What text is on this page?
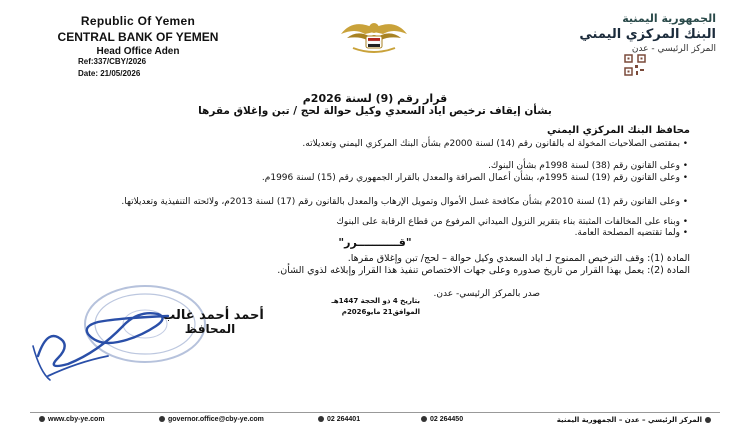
Republic Of Yemen
CENTRAL BANK OF YEMEN
Head Office Aden
Ref:337/CBY/2026
Date: 21/05/2026
الجمهورية اليمنية
البنك المركزي اليمني
المركز الرئيسي - عدن
قرار رقم (9) لسنة 2026م
بشأن إيقاف ترخيص اياد السعدي وكيل حوالة لحج / تبن وإغلاق مقرها
محافظ البنك المركزي اليمني
•بمقتضى الصلاحيات المخولة له بالقانون رقم (14) لسنة 2000م بشأن البنك المركزي اليمني وتعديلاته.
•وعلى القانون رقم (38) لسنة 1998م بشأن البنوك.
•وعلى القانون رقم (19) لسنة 1995م، بشأن أعمال الصرافة والمعدل بالقرار الجمهوري رقم (15) لسنة 1996م.
•وعلى القانون رقم (1) لسنة 2010م بشأن مكافحة غسل الأموال وتمويل الإرهاب والمعدل بالقانون رقم (17) لسنة 2013م، ولائحته التنفيذية وتعديلاتها.
•وبناء على المخالفات المثبتة بناء بتقرير النزول الميداني المرفوع من قطاع الرقابة على البنوك
•ولما تقتضيه المصلحة العامة.
"قـــــــــــرر"
المادة (1): وقف الترخيص الممنوح لـ اياد السعدي وكيل حوالة – لحج/ تبن وإغلاق مقرها.
المادة (2): يعمل بهذا القرار من تاريخ صدوره وعلى جهات الاختصاص تنفيذ هذا القرار وإبلاغه لذوي الشأن.
صدر بالمركز الرئيسي- عدن.
بتاريخ 4 ذو الحجة 1447هـ
الموافق21 مايو2026م
أحمد أحمد غالب
المحافظ
www.cby-ye.com	governor.office@cby-ye.com	02 264401	02 264450	المركز الرئيسي – عدن – الجمهورية اليمنية
